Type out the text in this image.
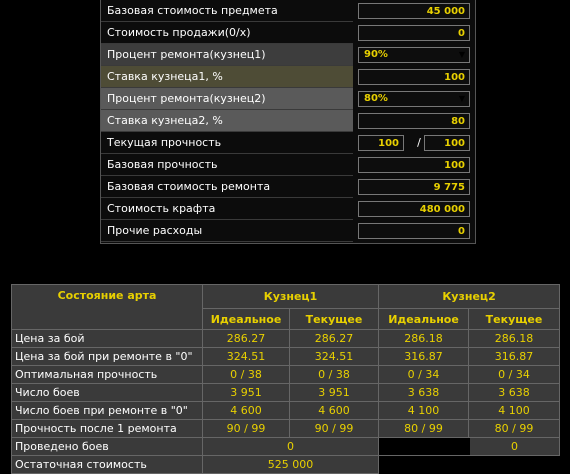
Базовая стоимость предмета	45 000
Стоимость продажи(0/х)	0
Процент ремонта(кузнец1)	90%	▼
Ставка кузнеца1, %	100
Процент ремонта(кузнец2)	80%	▼
Ставка кузнеца2, %	80
Текущая прочность	100	/	100
Базовая прочность	100
Базовая стоимость ремонта	9 775
Стоимость крафта	480 000
Прочие расходы	0
Состояние арта	Кузнец1		Кузнец2	
	Идеальное	Текущее	Идеальное	Текущее
Цена за бой	286.27	286.27	286.18	286.18
Цена за бой при ремонте в "0"	324.51	324.51	316.87	316.87
Оптимальная прочность	0 / 38	0 / 38	0 / 34	0 / 34
Число боев	3 951	3 951	3 638	3 638
Число боев при ремонте в "0"	4 600	4 600	4 100	4 100
Прочность после 1 ремонта	90 / 99	90 / 99	80 / 99	80 / 99
Проведено боев	0		0	

Остаточная стоимость	525 000			
